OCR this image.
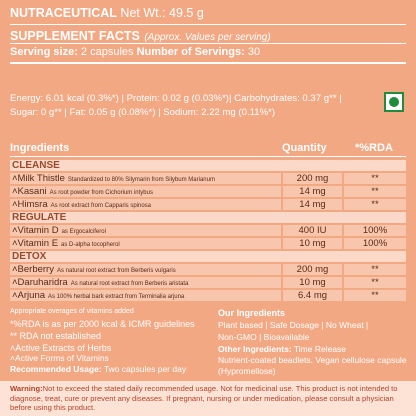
NUTRACEUTICAL Net Wt.: 49.5 g
SUPPLEMENT FACTS (Approx. Values per serving)
Serving size: 2 capsules Number of Servings: 30
Energy: 6.01 kcal (0.3%*) | Protein: 0.02 g (0.03%*)| Carbohydrates: 0.37 g** |
Sugar: 0 g** | Fat: 0.05 g (0.08%*) | Sodium: 2.22 mg (0.11%*)
Ingredients	Quantity	*%RDA
CLEANSE
˄Milk Thistle Standardized to 80% Silymarin from Silybum Marianum	200 mg	**
˄Kasani As root powder from Cichorium intybus	14 mg	**
˄Himsra As root extract from Capparis spinosa	14 mg	**
REGULATE
˄Vitamin D as Ergocalciferol	400 IU	100%
˄Vitamin E as D-alpha tocopherol	10 mg	100%
DETOX
˄Berberry As natural root extract from Berberis vulgaris	200 mg	**
˄Daruharidra As natural root extract from Berberis aristata	10 mg	**
˄Arjuna As 100% herbal bark extract from Terminalia arjuna	6.4 mg	**
Appropriate overages of vitamins added
*%RDA is as per 2000 kcal & ICMR guidelines
** RDA not established
˄Active Extracts of Herbs
Our Ingredients
Plant based | Safe Dosage | No Wheat |
Non-GMO | Bioavailable
˄Active Forms of Vitamins
Recommended Usage: Two capsules per day
Other Ingredients: Time Release
Nutrient-coated beadlets. Vegan cellulose capsule
(Hypromellose)
Warning:Not to exceed the stated daily recommended usage. Not for medicinal use. This product is not intended to diagnose, treat, cure or prevent any diseases. If pregnant, nursing or under medication, please consult a physician before using this product.
